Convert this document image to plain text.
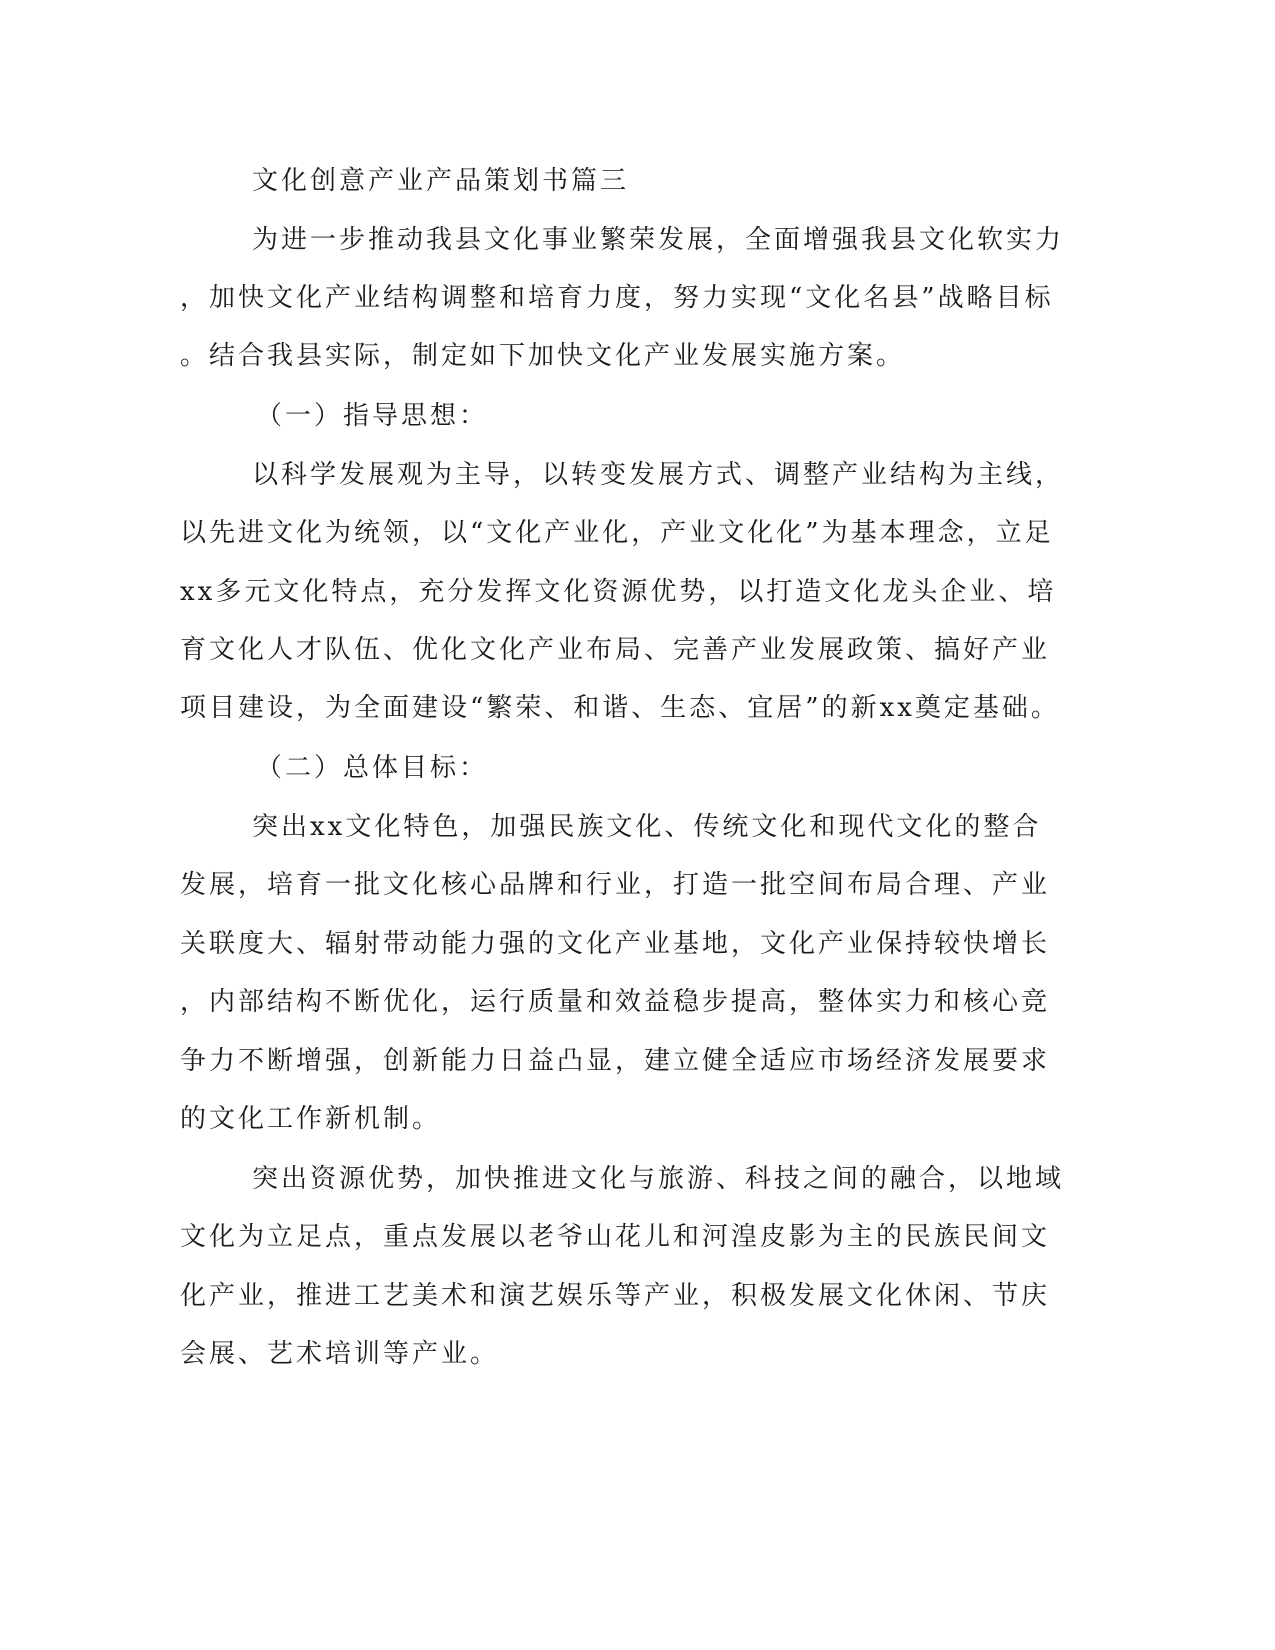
文化创意产业产品策划书篇三

为进一步推动我县文化事业繁荣发展，全面增强我县文化软实力

，加快文化产业结构调整和培育力度，努力实现“文化名县”战略目标

。结合我县实际，制定如下加快文化产业发展实施方案。

（一）指导思想：

以科学发展观为主导，以转变发展方式、调整产业结构为主线，

以先进文化为统领，以“文化产业化，产业文化化”为基本理念，立足

xx多元文化特点，充分发挥文化资源优势，以打造文化龙头企业、培

育文化人才队伍、优化文化产业布局、完善产业发展政策、搞好产业

项目建设，为全面建设“繁荣、和谐、生态、宜居”的新xx奠定基础。

（二）总体目标：

突出xx文化特色，加强民族文化、传统文化和现代文化的整合

发展，培育一批文化核心品牌和行业，打造一批空间布局合理、产业

关联度大、辐射带动能力强的文化产业基地，文化产业保持较快增长

，内部结构不断优化，运行质量和效益稳步提高，整体实力和核心竞

争力不断增强，创新能力日益凸显，建立健全适应市场经济发展要求

的文化工作新机制。

突出资源优势，加快推进文化与旅游、科技之间的融合，以地域

文化为立足点，重点发展以老爷山花儿和河湟皮影为主的民族民间文

化产业，推进工艺美术和演艺娱乐等产业，积极发展文化休闲、节庆

会展、艺术培训等产业。
